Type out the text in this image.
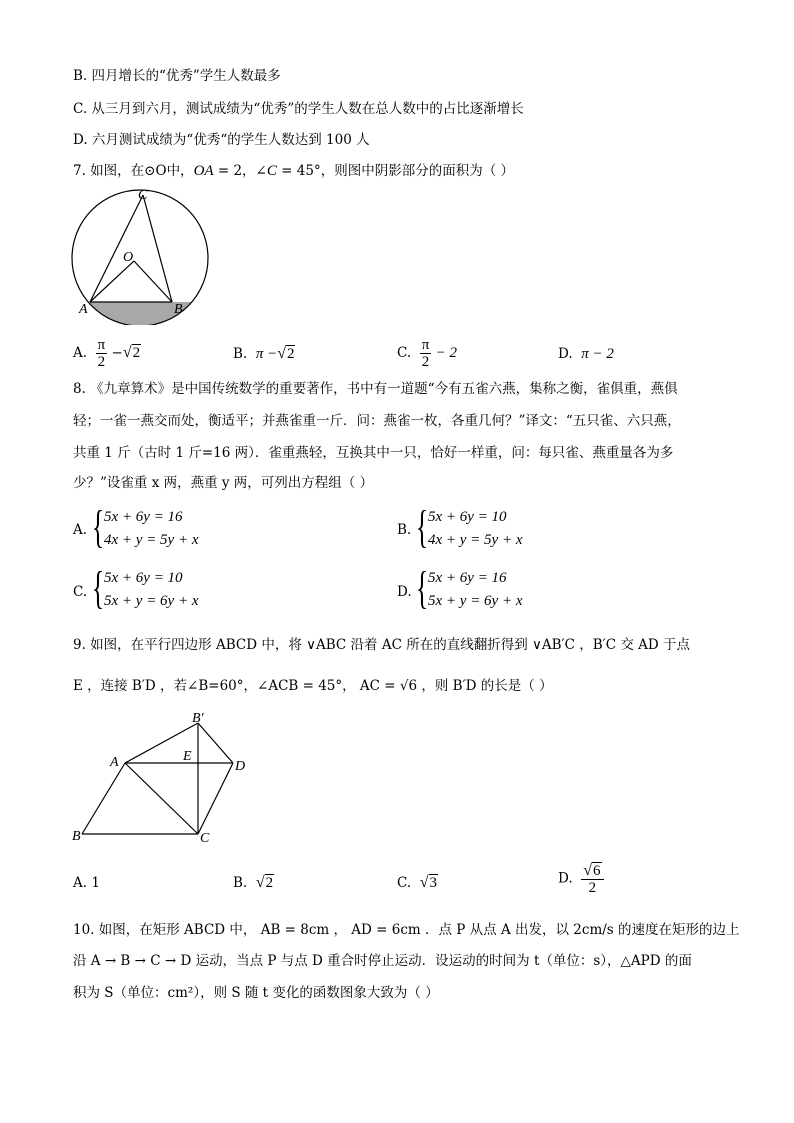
B. 四月增长的“优秀”学生人数最多
C. 从三月到六月，测试成绩为“优秀”的学生人数在总人数中的占比逐渐增长
D. 六月测试成绩为“优秀“的学生人数达到 100 人
7. 如图，在⊙O中，OA = 2，∠C = 45°，则图中阴影部分的面积为（ ）
C
O
A	B
A. $\frac{\pi}{2} -√2$	B. π −√2	C. $\frac{\pi}{2} - 2$	D. π − 2
8. 《九章算术》是中国传统数学的重要著作，书中有一道题“今有五雀六燕，集称之衡，雀俱重，燕俱
轻；一雀一燕交而处，衡适平；并燕雀重一斤．问：燕雀一枚，各重几何？”译文：“五只雀、六只燕，
共重 1 斤（古时 1 斤=16 两）．雀重燕轻，互换其中一只，恰好一样重，问：每只雀、燕重量各为多
少？”设雀重 x 两，燕重 y 两，可列出方程组（ ）
A. { 5x + 6y = 16
4x + y = 5y + x
B. { 5x + 6y = 10
4x + y = 5y + x
C. { 5x + 6y = 10
5x + y = 6y + x
D. { 5x + 6y = 16
5x + y = 6y + x
9. 如图，在平行四边形 ABCD 中，将 ∨ABC 沿着 AC 所在的直线翻折得到 ∨AB′C ，B′C 交 AD 于点
E ，连接 B′D ，若∠B=60°，∠ACB = 45°， AC = √6 ，则 B′D 的长是（ ）
B′
A	E
D
B	C
A. 1	B. √2	C. √3	D. $\frac{√6}{2}$
10. 如图，在矩形 ABCD 中， AB = 8cm ， AD = 6cm ．点 P 从点 A 出发，以 2cm/s 的速度在矩形的边上
沿 A → B → C → D 运动，当点 P 与点 D 重合时停止运动．设运动的时间为 t（单位：s），△APD 的面
积为 S（单位：cm²），则 S 随 t 变化的函数图象大致为（ ）
